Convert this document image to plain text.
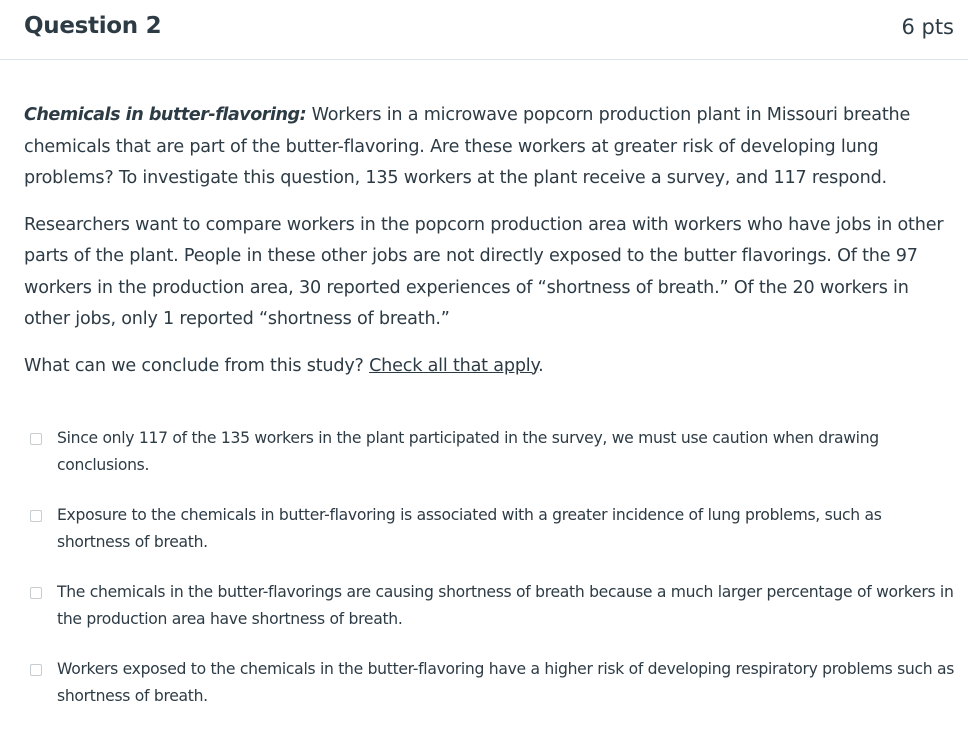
Question 2	6 pts

Chemicals in butter-flavoring: Workers in a microwave popcorn production plant in Missouri breathe chemicals that are part of the butter-flavoring. Are these workers at greater risk of developing lung problems? To investigate this question, 135 workers at the plant receive a survey, and 117 respond.

Researchers want to compare workers in the popcorn production area with workers who have jobs in other parts of the plant. People in these other jobs are not directly exposed to the butter flavorings. Of the 97 workers in the production area, 30 reported experiences of “shortness of breath.” Of the 20 workers in other jobs, only 1 reported “shortness of breath.”

What can we conclude from this study? Check all that apply.

Since only 117 of the 135 workers in the plant participated in the survey, we must use caution when drawing conclusions.
Exposure to the chemicals in butter-flavoring is associated with a greater incidence of lung problems, such as shortness of breath.
The chemicals in the butter-flavorings are causing shortness of breath because a much larger percentage of workers in the production area have shortness of breath.
Workers exposed to the chemicals in the butter-flavoring have a higher risk of developing respiratory problems such as shortness of breath.
